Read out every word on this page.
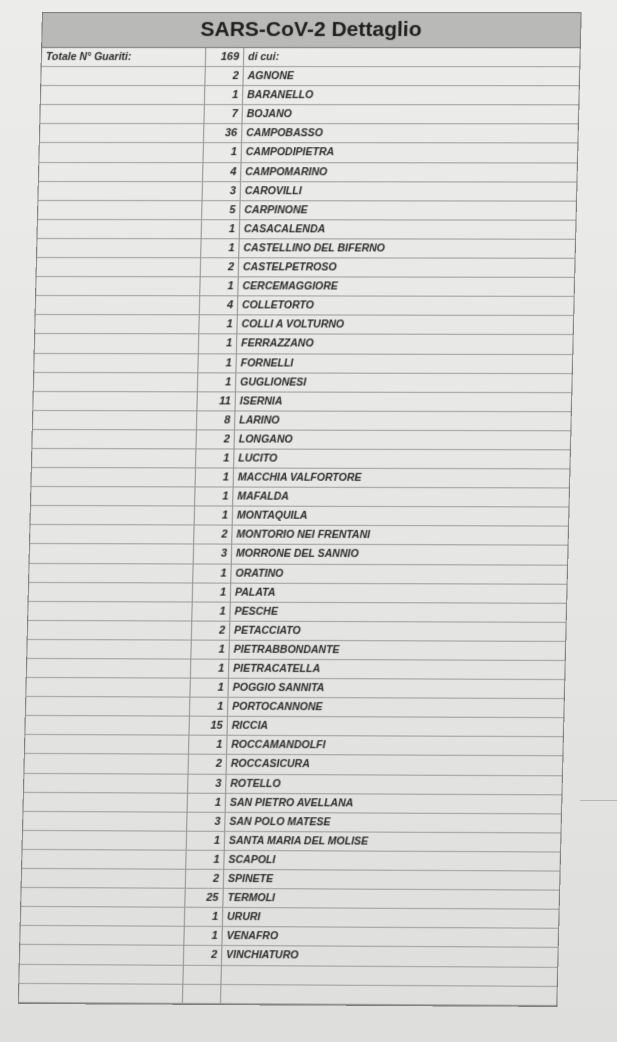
SARS-CoV-2 Dettaglio
Totale N° Guariti:	169 di cui:
2 AGNONE
1 BARANELLO
7 BOJANO
36 CAMPOBASSO
1 CAMPODIPIETRA
4 CAMPOMARINO
3 CAROVILLI
5 CARPINONE
1 CASACALENDA
1 CASTELLINO DEL BIFERNO
2 CASTELPETROSO
1 CERCEMAGGIORE
4 COLLETORTO
1 COLLI A VOLTURNO
1 FERRAZZANO
1 FORNELLI
1 GUGLIONESI
11 ISERNIA
8 LARINO
2 LONGANO
1 LUCITO
1 MACCHIA VALFORTORE
1 MAFALDA
1 MONTAQUILA
2 MONTORIO NEI FRENTANI
3 MORRONE DEL SANNIO
1 ORATINO
1 PALATA
1 PESCHE
2 PETACCIATO
1 PIETRABBONDANTE
1 PIETRACATELLA
1 POGGIO SANNITA
1 PORTOCANNONE
15 RICCIA
1 ROCCAMANDOLFI
2 ROCCASICURA
3 ROTELLO
1 SAN PIETRO AVELLANA
3 SAN POLO MATESE
1 SANTA MARIA DEL MOLISE
1 SCAPOLI
2 SPINETE
25 TERMOLI
1 URURI
1 VENAFRO
2 VINCHIATURO
